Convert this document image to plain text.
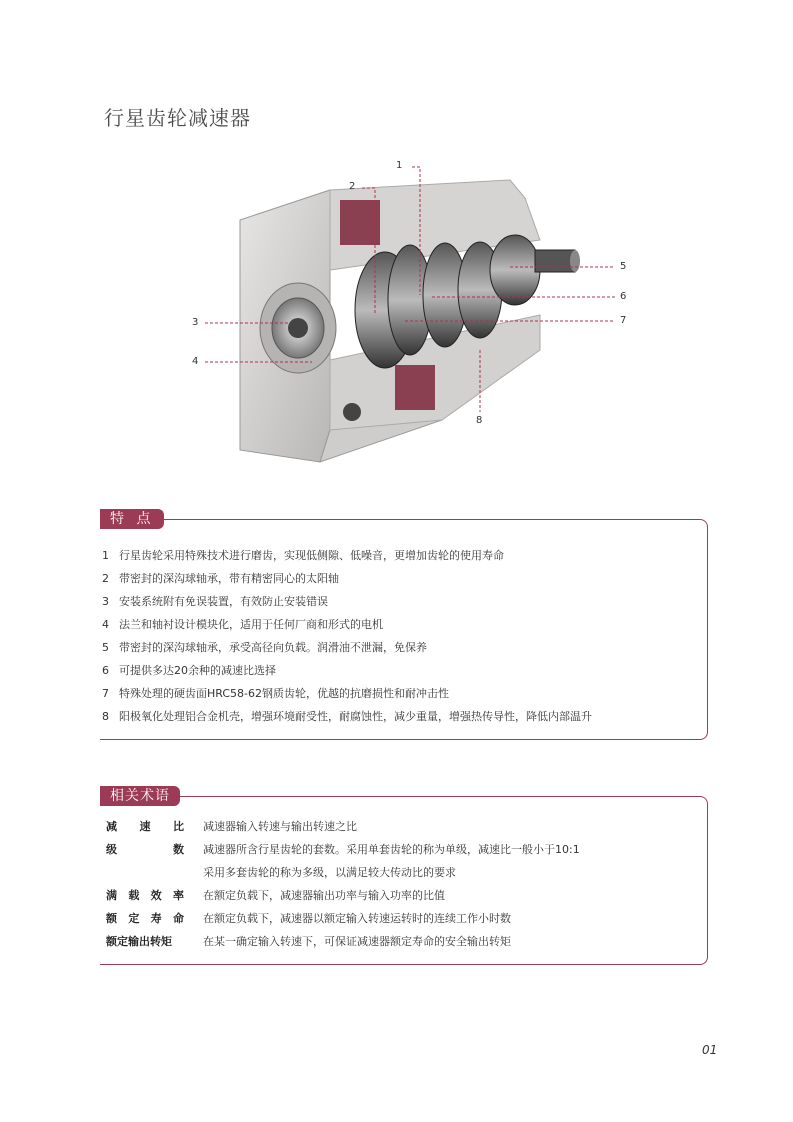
行星齿轮减速器
1
2
3
4
5
6
7
8
特 点
1 行星齿轮采用特殊技术进行磨齿，实现低侧隙、低噪音，更增加齿轮的使用寿命
2 带密封的深沟球轴承，带有精密同心的太阳轴
3 安装系统附有免误装置，有效防止安装错误
4 法兰和轴衬设计模块化，适用于任何厂商和形式的电机
5 带密封的深沟球轴承，承受高径向负载。润滑油不泄漏，免保养
6 可提供多达20余种的减速比选择
7 特殊处理的硬齿面HRC58-62钢质齿轮，优越的抗磨损性和耐冲击性
8 阳极氧化处理铝合金机壳，增强环境耐受性，耐腐蚀性，减少重量，增强热传导性，降低内部温升
相关术语
减 速 比 减速器输入转速与输出转速之比
级	数 减速器所含行星齿轮的套数。采用单套齿轮的称为单级，减速比一般小于10:1
采用多套齿轮的称为多级，以满足较大传动比的要求
满 载 效 率 在额定负载下，减速器输出功率与输入功率的比值
额 定 寿 命 在额定负载下，减速器以额定输入转速运转时的连续工作小时数
额定输出转矩	在某一确定输入转速下，可保证减速器额定寿命的安全输出转矩
01
